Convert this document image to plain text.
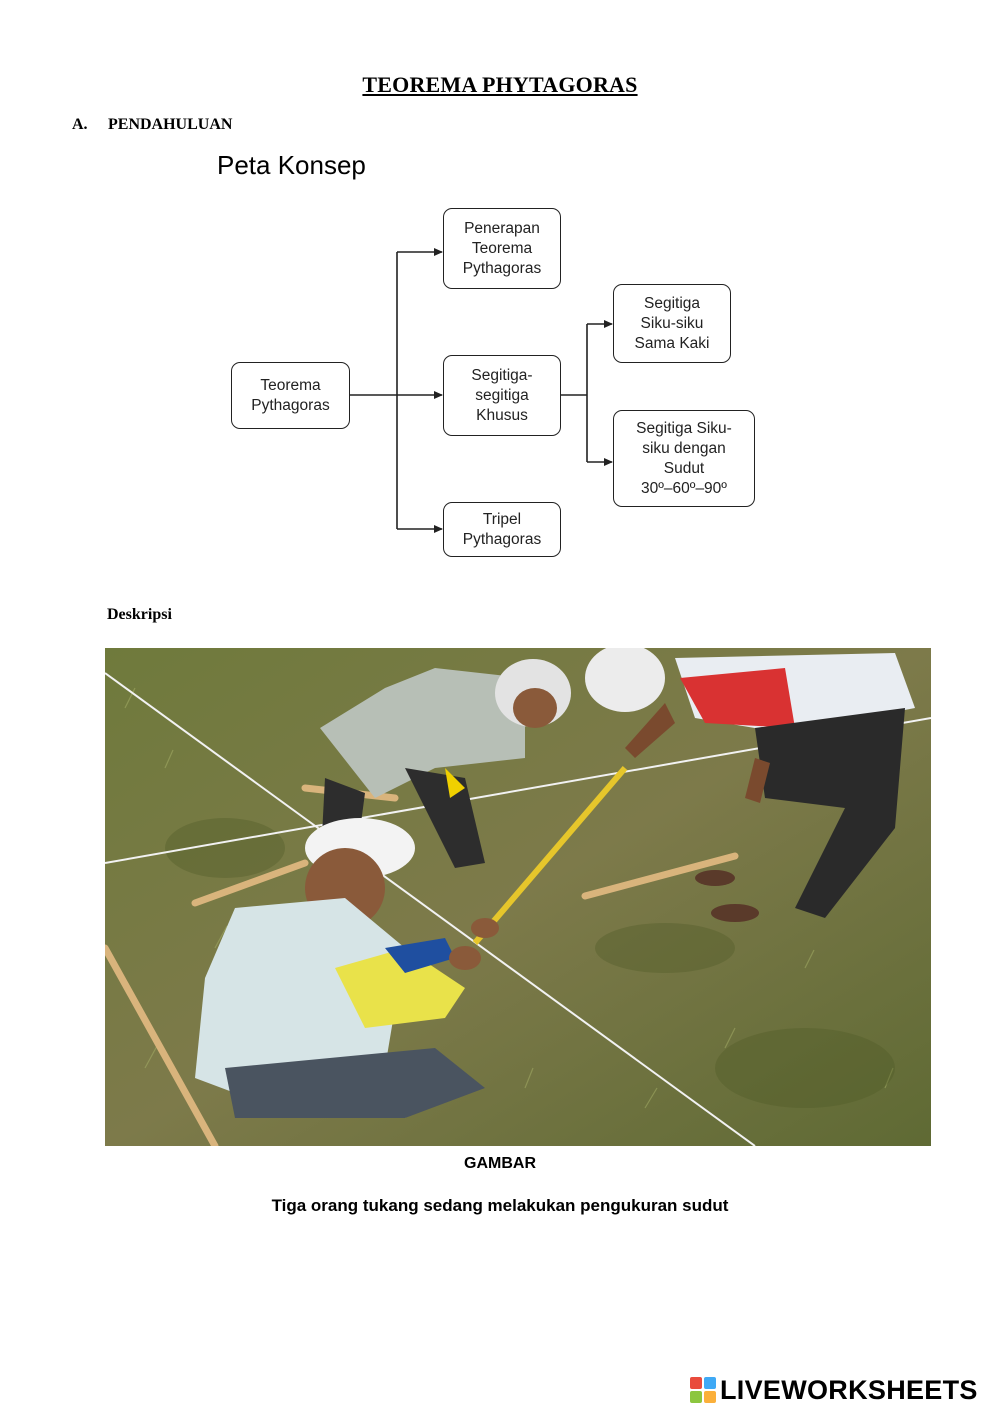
TEOREMA PHYTAGORAS
A. PENDAHULUAN
Peta Konsep
Teorema
Pythagoras
Penerapan
Teorema
Pythagoras
Segitiga-
segitiga
Khusus
Tripel
Pythagoras
Segitiga
Siku-siku
Sama Kaki
Segitiga Siku-
siku dengan
Sudut
30º–60º–90º
Deskripsi
GAMBAR
Tiga orang tukang sedang melakukan pengukuran sudut
LIVEWORKSHEETS
